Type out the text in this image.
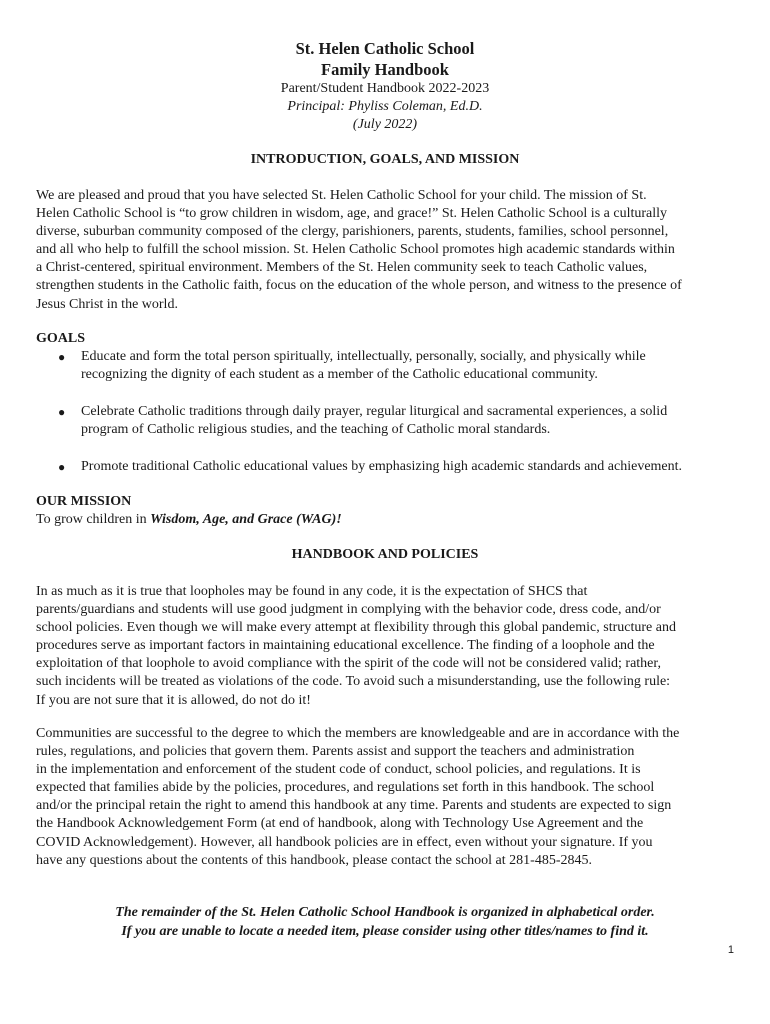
St. Helen Catholic School
Family Handbook
Parent/Student Handbook 2022-2023
Principal: Phyliss Coleman, Ed.D.
(July 2022)
INTRODUCTION, GOALS, AND MISSION
We are pleased and proud that you have selected St. Helen Catholic School for your child. The mission of St.
Helen Catholic School is “to grow children in wisdom, age, and grace!” St. Helen Catholic School is a culturally
diverse, suburban community composed of the clergy, parishioners, parents, students, families, school personnel,
and all who help to fulfill the school mission. St. Helen Catholic School promotes high academic standards within
a Christ-centered, spiritual environment. Members of the St. Helen community seek to teach Catholic values,
strengthen students in the Catholic faith, focus on the education of the whole person, and witness to the presence of
Jesus Christ in the world.
GOALS
●	Educate and form the total person spiritually, intellectually, personally, socially, and physically while
recognizing the dignity of each student as a member of the Catholic educational community.
●	Celebrate Catholic traditions through daily prayer, regular liturgical and sacramental experiences, a solid
program of Catholic religious studies, and the teaching of Catholic moral standards.
●	Promote traditional Catholic educational values by emphasizing high academic standards and achievement.
OUR MISSION
To grow children in Wisdom, Age, and Grace (WAG)!
HANDBOOK AND POLICIES
In as much as it is true that loopholes may be found in any code, it is the expectation of SHCS that
parents/guardians and students will use good judgment in complying with the behavior code, dress code, and/or
school policies. Even though we will make every attempt at flexibility through this global pandemic, structure and
procedures serve as important factors in maintaining educational excellence. The finding of a loophole and the
exploitation of that loophole to avoid compliance with the spirit of the code will not be considered valid; rather,
such incidents will be treated as violations of the code. To avoid such a misunderstanding, use the following rule:
If you are not sure that it is allowed, do not do it!
Communities are successful to the degree to which the members are knowledgeable and are in accordance with the
rules, regulations, and policies that govern them. Parents assist and support the teachers and administration
in the implementation and enforcement of the student code of conduct, school policies, and regulations. It is
expected that families abide by the policies, procedures, and regulations set forth in this handbook. The school
and/or the principal retain the right to amend this handbook at any time. Parents and students are expected to sign
the Handbook Acknowledgement Form (at end of handbook, along with Technology Use Agreement and the
COVID Acknowledgement). However, all handbook policies are in effect, even without your signature. If you
have any questions about the contents of this handbook, please contact the school at 281-485-2845.
The remainder of the St. Helen Catholic School Handbook is organized in alphabetical order.
If you are unable to locate a needed item, please consider using other titles/names to find it.
1
